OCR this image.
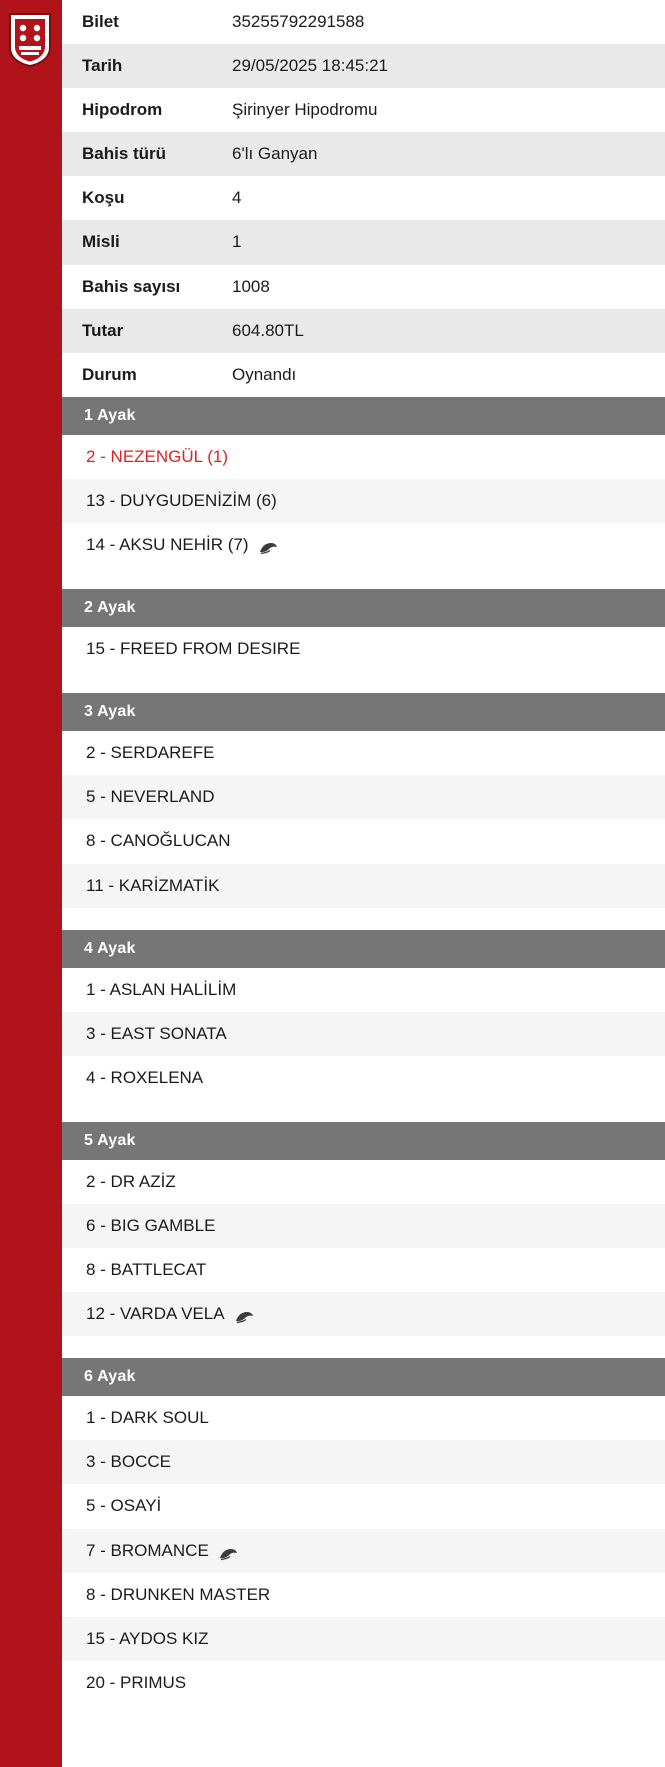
Bilet	35255792291588
Tarih	29/05/2025 18:45:21
Hipodrom	Şirinyer Hipodromu
Bahis türü	6'lı Ganyan
Koşu	4
Misli	1
Bahis sayısı	1008
Tutar	604.80TL
Durum	Oynandı
1 Ayak
2 - NEZENGÜL (1)
13 - DUYGUDENİZİM (6)
14 - AKSU NEHİR (7)
2 Ayak
15 - FREED FROM DESIRE
3 Ayak
2 - SERDAREFE
5 - NEVERLAND
8 - CANOĞLUCAN
11 - KARİZMATİK
4 Ayak
1 - ASLAN HALİLİM
3 - EAST SONATA
4 - ROXELENA
5 Ayak
2 - DR AZİZ
6 - BIG GAMBLE
8 - BATTLECAT
12 - VARDA VELA
6 Ayak
1 - DARK SOUL
3 - BOCCE
5 - OSAYİ
7 - BROMANCE
8 - DRUNKEN MASTER
15 - AYDOS KIZ
20 - PRIMUS
